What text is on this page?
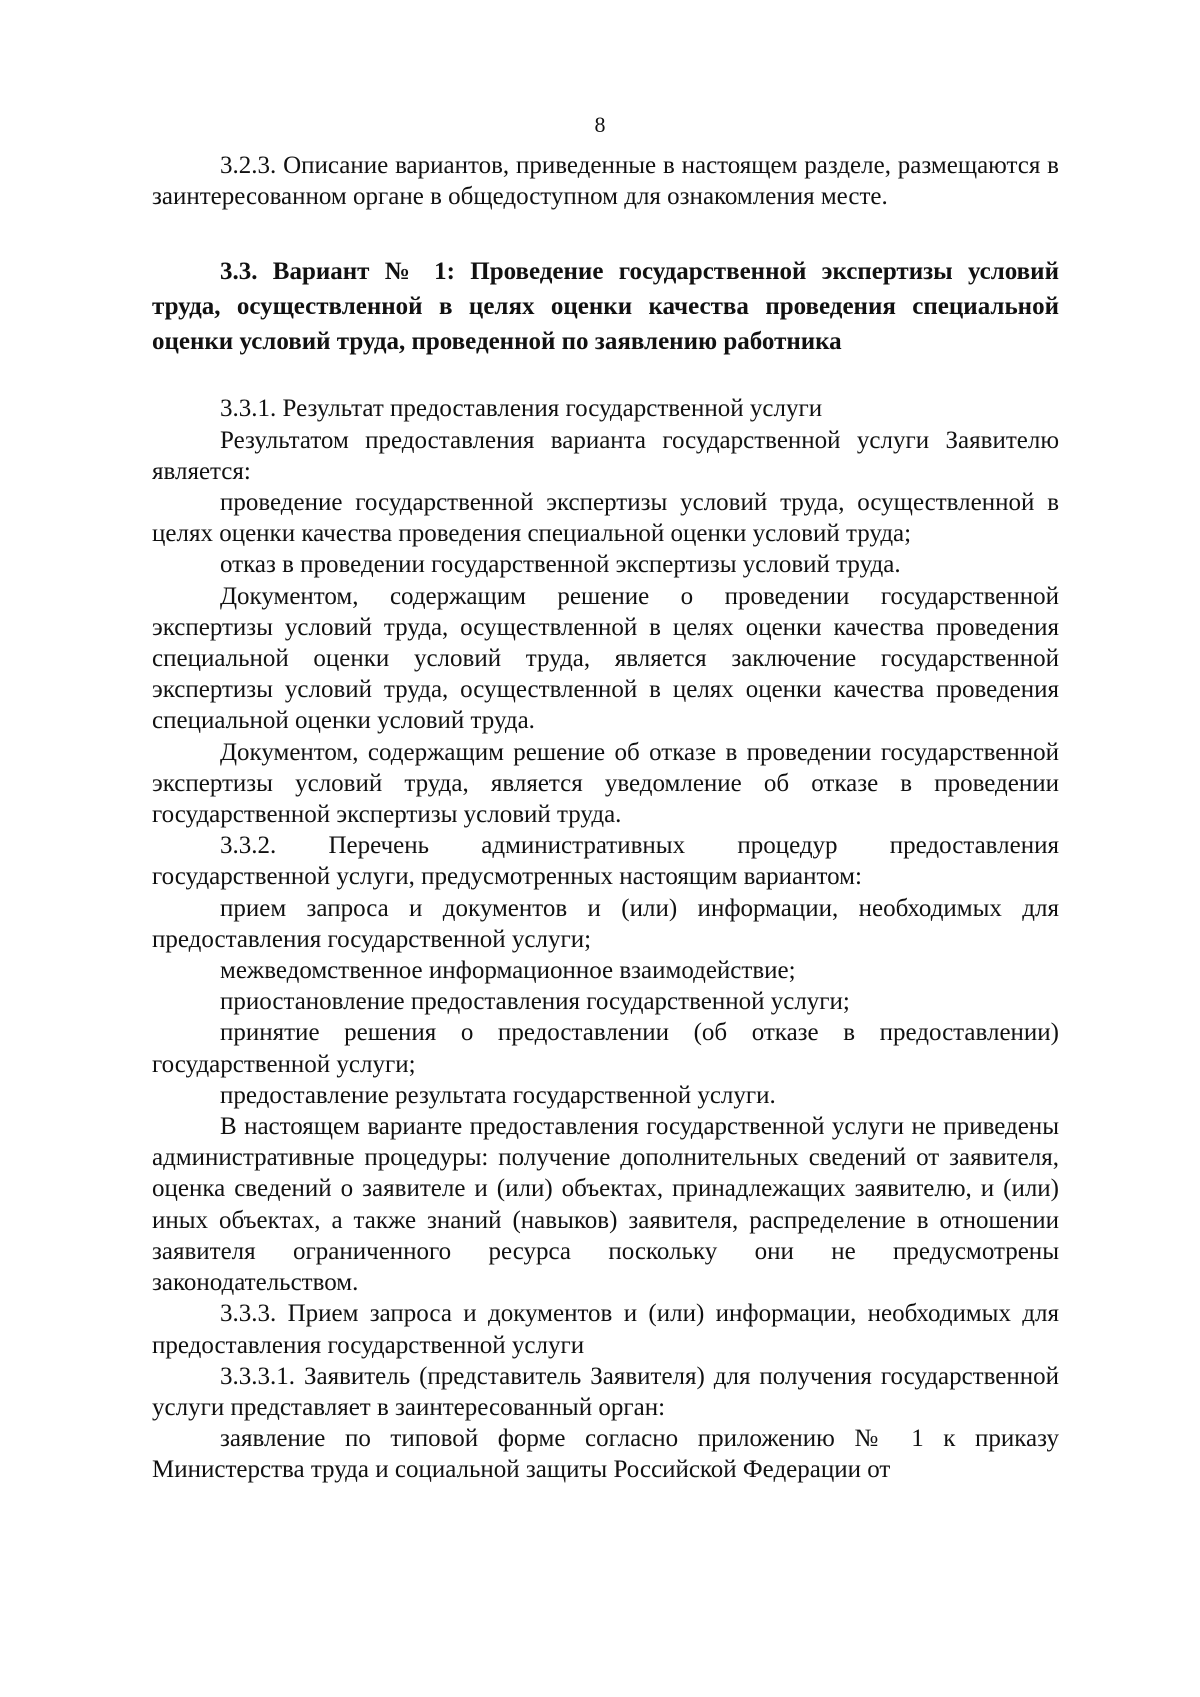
8

3.2.3. Описание вариантов, приведенные в настоящем разделе, размещаются в заинтересованном органе в общедоступном для ознакомления месте.

3.3. Вариант № 1: Проведение государственной экспертизы условий труда, осуществленной в целях оценки качества проведения специальной оценки условий труда, проведенной по заявлению работника

3.3.1. Результат предоставления государственной услуги

Результатом предоставления варианта государственной услуги Заявителю является:

проведение государственной экспертизы условий труда, осуществленной в целях оценки качества проведения специальной оценки условий труда;

отказ в проведении государственной экспертизы условий труда.

Документом, содержащим решение о проведении государственной экспертизы условий труда, осуществленной в целях оценки качества проведения специальной оценки условий труда, является заключение государственной экспертизы условий труда, осуществленной в целях оценки качества проведения специальной оценки условий труда.

Документом, содержащим решение об отказе в проведении государственной экспертизы условий труда, является уведомление об отказе в проведении государственной экспертизы условий труда.

3.3.2. Перечень административных процедур предоставления государственной услуги, предусмотренных настоящим вариантом:

прием запроса и документов и (или) информации, необходимых для предоставления государственной услуги;

межведомственное информационное взаимодействие;

приостановление предоставления государственной услуги;

принятие решения о предоставлении (об отказе в предоставлении) государственной услуги;

предоставление результата государственной услуги.

В настоящем варианте предоставления государственной услуги не приведены административные процедуры: получение дополнительных сведений от заявителя, оценка сведений о заявителе и (или) объектах, принадлежащих заявителю, и (или) иных объектах, а также знаний (навыков) заявителя, распределение в отношении заявителя ограниченного ресурса поскольку они не предусмотрены законодательством.

3.3.3. Прием запроса и документов и (или) информации, необходимых для предоставления государственной услуги

3.3.3.1. Заявитель (представитель Заявителя) для получения государственной услуги представляет в заинтересованный орган:

заявление по типовой форме согласно приложению № 1 к приказу Министерства труда и социальной защиты Российской Федерации от
